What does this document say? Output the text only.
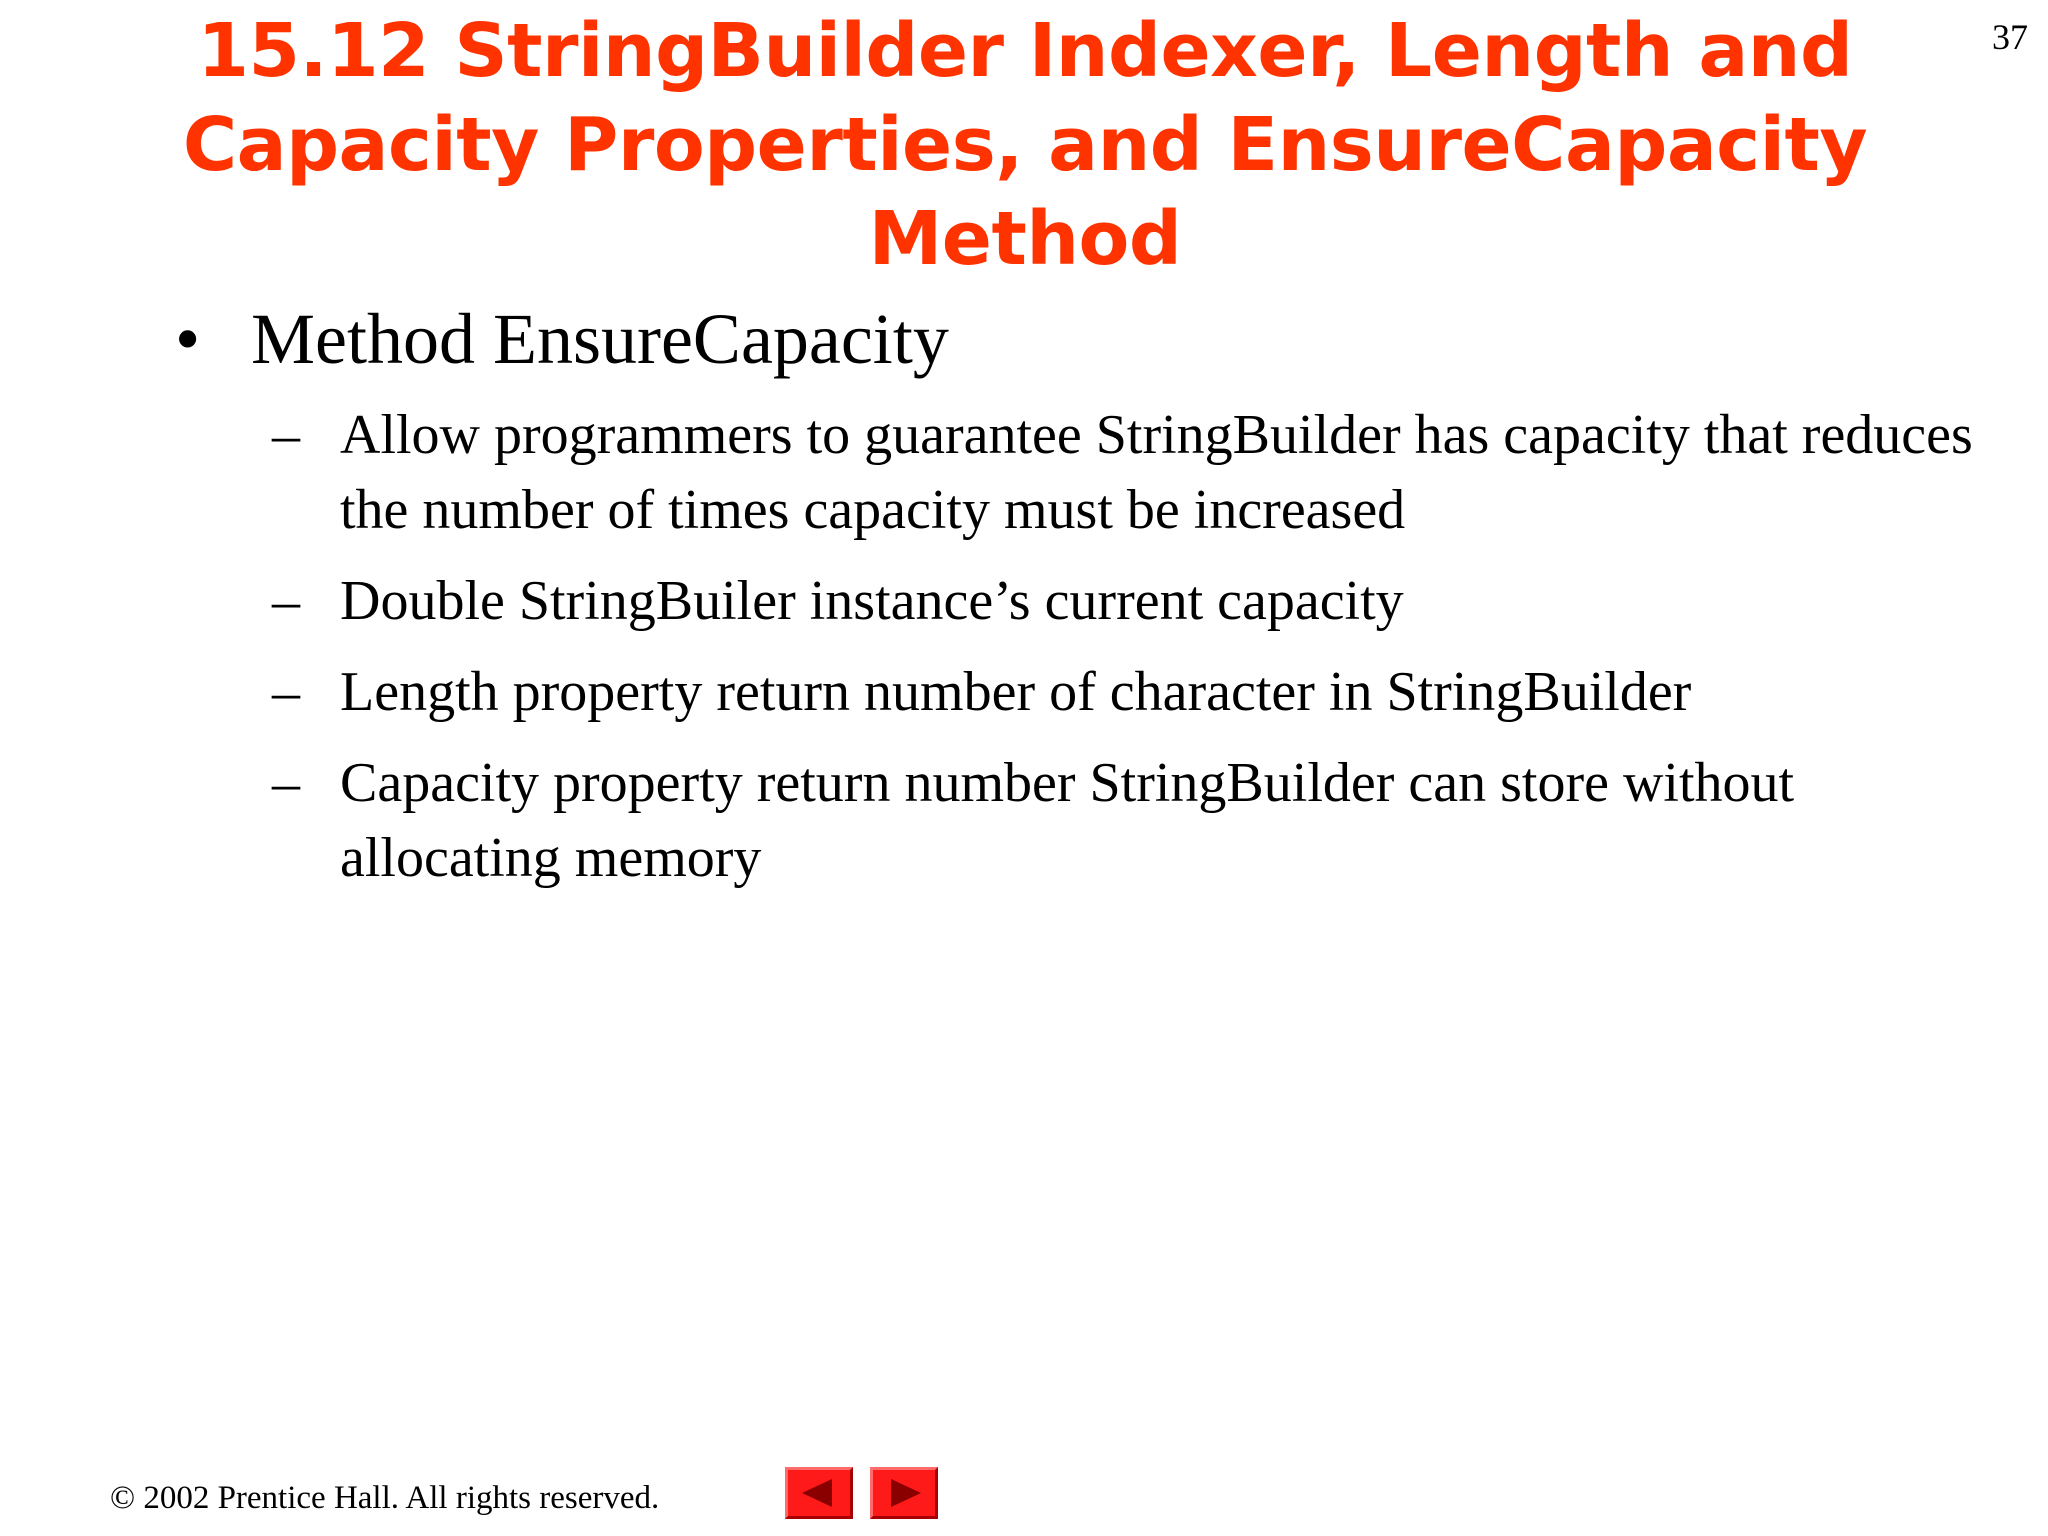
15.12 StringBuilder Indexer, Length and
Capacity Properties, and EnsureCapacity
Method
37
• Method EnsureCapacity
– Allow programmers to guarantee StringBuilder has capacity that reduces the number of times capacity must be increased
– Double StringBuiler instance’s current capacity
– Length property return number of character in StringBuilder
– Capacity property return number StringBuilder can store without allocating memory
© 2002 Prentice Hall. All rights reserved.
